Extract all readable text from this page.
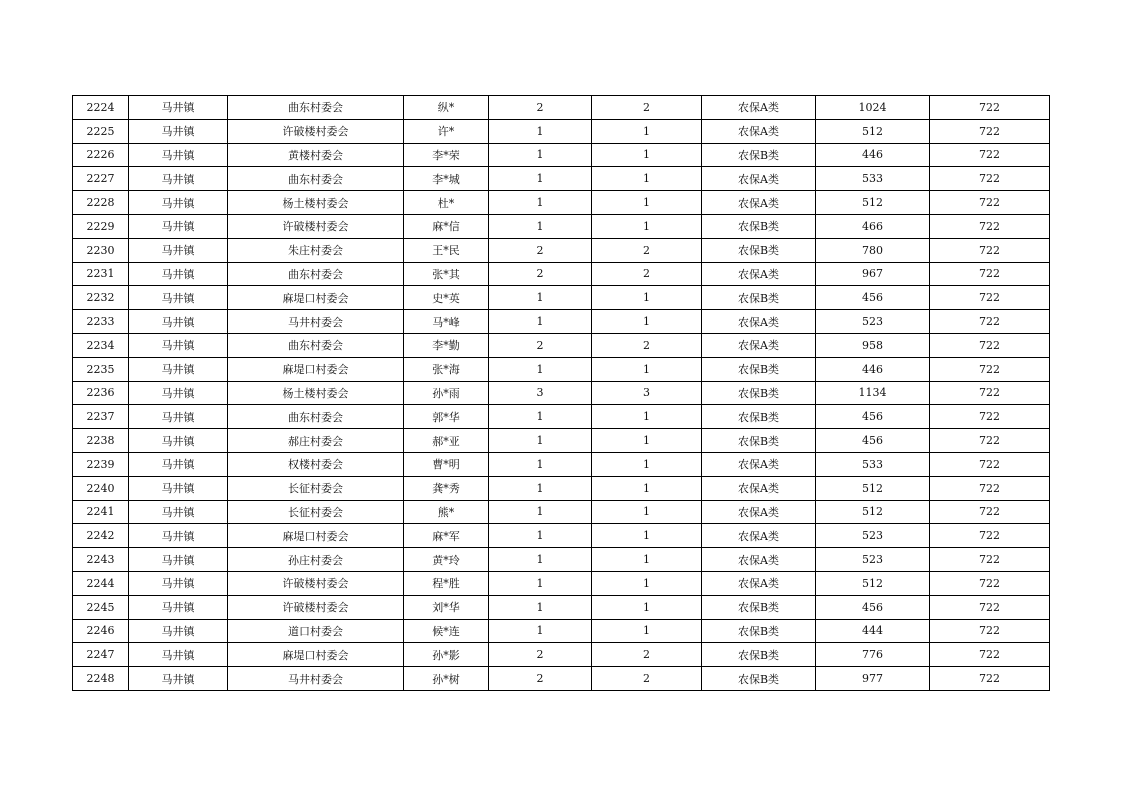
2224	马井镇	曲东村委会	纵*	2	2	农保A类	1024	722
2225	马井镇	许破楼村委会	许*	1	1	农保A类	512	722
2226	马井镇	黄楼村委会	李*荣	1	1	农保B类	446	722
2227	马井镇	曲东村委会	李*城	1	1	农保A类	533	722
2228	马井镇	杨土楼村委会	杜*	1	1	农保A类	512	722
2229	马井镇	许破楼村委会	麻*信	1	1	农保B类	466	722
2230	马井镇	朱庄村委会	王*民	2	2	农保B类	780	722
2231	马井镇	曲东村委会	张*其	2	2	农保A类	967	722
2232	马井镇	麻堤口村委会	史*英	1	1	农保B类	456	722
2233	马井镇	马井村委会	马*峰	1	1	农保A类	523	722
2234	马井镇	曲东村委会	李*勤	2	2	农保A类	958	722
2235	马井镇	麻堤口村委会	张*海	1	1	农保B类	446	722
2236	马井镇	杨土楼村委会	孙*雨	3	3	农保B类	1134	722
2237	马井镇	曲东村委会	郭*华	1	1	农保B类	456	722
2238	马井镇	郝庄村委会	郝*亚	1	1	农保B类	456	722
2239	马井镇	权楼村委会	曹*明	1	1	农保A类	533	722
2240	马井镇	长征村委会	龚*秀	1	1	农保A类	512	722
2241	马井镇	长征村委会	熊*	1	1	农保A类	512	722
2242	马井镇	麻堤口村委会	麻*军	1	1	农保A类	523	722
2243	马井镇	孙庄村委会	黄*玲	1	1	农保A类	523	722
2244	马井镇	许破楼村委会	程*胜	1	1	农保A类	512	722
2245	马井镇	许破楼村委会	刘*华	1	1	农保B类	456	722
2246	马井镇	道口村委会	候*连	1	1	农保B类	444	722
2247	马井镇	麻堤口村委会	孙*影	2	2	农保B类	776	722
2248	马井镇	马井村委会	孙*树	2	2	农保B类	977	722
